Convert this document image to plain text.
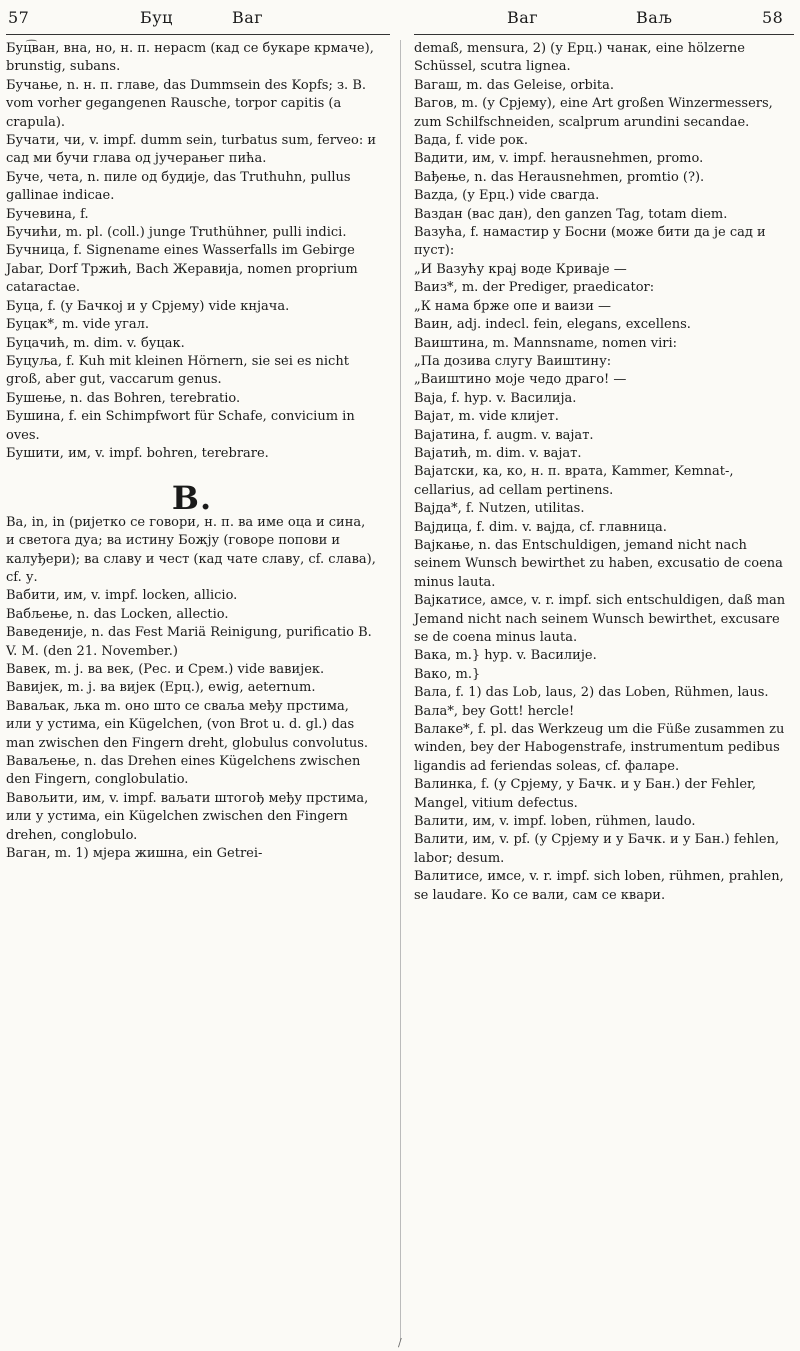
57	Буц	Ваг	Ваг	Ваљ	58

Буц͡ван, вна, но, н. п. нерасm (кад се букаре крмаче), brunstig, subans.

Бучање, n. н. п. главе, das Dummsein des Kopfs; з. В. vom vorher gegangenen Rausche, torpor capitis (a crapula).

Бучати, чи, v. impf. dumm sein, turbatus sum, ferveo: и сад ми бучи глава од јучерањег пића.

Буче, чета, n. пиле од будије, das Truthuhn, pullus gallinae indicae.

Бучевина, f.

Бучићи, m. pl. (coll.) junge Truthühner, pulli indici.

Бучница, f. Signename eines Wasserfalls im Gebirge Jabar, Dorf Тржић, Bach Жеравија, nomen proprium cataractae.

Буца, f. (у Бачкој и у Срјему) vide кнјача.

Буцак*, m. vide угал.

Буцачић, m. dim. v. буцак.

Буцуља, f. Kuh mit kleinen Hörnern, sie sei es nicht groß, aber gut, vaccarum genus.

Бушење, n. das Bohren, terebratio.

Бушина, f. ein Schimpfwort für Schafe, convicium in oves.

Бушити, им, v. impf. bohren, terebrare.

В.

Ва, in, in (ријетко се говори, н. п. ва име оца и сина, и светога дуа; ва истину Божју (говоре попови и калуђери); ва славу и чест (кад чате славу, cf. слава), cf. у.

Вабити, им, v. impf. locken, allicio.

Вабљење, n. das Locken, allectio.

Ваведеније, n. das Fest Mariä Reinigung, purificatio B. V. M. (den 21. November.)

Вавек, m. j. ва век, (Рес. и Срем.) vide вавијек.

Вавијек, m. j. ва вијек (Ерц.), ewig, aeternum.

Ваваљак, љка m. оно што се сваља међу прстима, или у устима, ein Kügelchen, (von Brot u. d. gl.) das man zwischen den Fingern dreht, globulus convolutus.

Ваваљење, n. das Drehen eines Kügelchens zwischen den Fingern, conglobulatio.

Вавољити, им, v. impf. ваљати штогођ међу прстима, или у устима, ein Kügelchen zwischen den Fingern drehen, conglobulo.

Ваган, m. 1) мјера жишна, ein Getrei-

demaß, mensura, 2) (у Ерц.) чанак, eine hölzerne Schüssel, scutra lignea.

Вагаш, m. das Geleise, orbita.

Вагов, m. (у Срјему), eine Art großen Winzermessers, zum Schilfschneiden, scalprum arundini secandae.

Вадa, f. vide рок.

Вадити, им, v. impf. herausnehmen, promo.

Вађење, n. das Herausnehmen, promtio (?).

Ваzда, (у Ерц.) vide свагда.

Ваздан (вас дан), den ganzen Tag, totam diem.

Вазућа, f. намастир у Босни (може бити да је сад и пуст):

„И Вазућу крај воде Криваје —

Ваиз*, m. der Prediger, praedicator:

„К нама брже опе и ваизи —

Ваин, adj. indecl. fein, elegans, excellens.

Ваиштина, m. Mannsname, nomen viri:

„Па дозива слугу Ваиштину:

„Ваиштино моје чедо драго! —

Вaja, f. hyp. v. Василија.

Вајат, m. vide клијет.

Вајатина, f. augm. v. вајат.

Вајатић, m. dim. v. вајат.

Вајатски, ка, ко, н. п. врата, Kammer, Kemnat-, cellarius, ad cellam pertinens.

Вајда*, f. Nutzen, utilitas.

Вајдица, f. dim. v. вајда, cf. главница.

Вајкање, n. das Entschuldigen, jemand nicht nach seinem Wunsch bewirthet zu haben, excusatio de coena minus lauta.

Вајкатисе, амсе, v. r. impf. sich entschuldigen, daß man Jemand nicht nach seinem Wunsch bewirthet, excusare se de coena minus lauta.

Вака, m.} hyp. v. Василије.

Вако, m.}

Вала, f. 1) das Lob, laus, 2) das Loben, Rühmen, laus.

Вала*, bey Gott! hercle!

Валаке*, f. pl. das Werkzeug um die Füße zusammen zu winden, bey der Habogenstrafe, instrumentum pedibus ligandis ad feriendas soleas, cf. фаларе.

Валинка, f. (у Срјему, у Бачк. и у Бан.) der Fehler, Mangel, vitium defectus.

Валити, им, v. impf. loben, rühmen, laudo.

Валити, им, v. pf. (у Срјему и у Бачк. и у Бан.) fehlen, labor; desum.

Валитисе, имсе, v. r. impf. sich loben, rühmen, prahlen, se laudare. Ко се вали, сам се квари.

/
